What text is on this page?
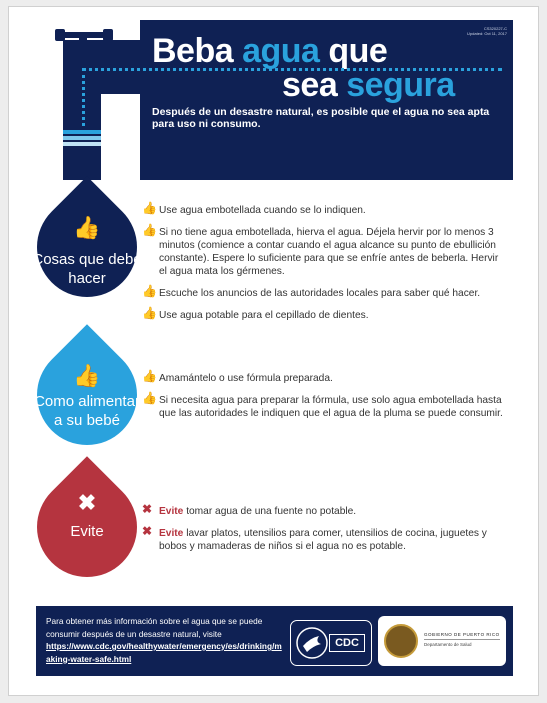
CS320227-C
Updated: Oct 11, 2017
Beba agua que
sea segura
Después de un desastre natural, es posible que el agua no sea apta para uso ni consumo.
👍
Cosas que debe hacer
👍 Use agua embotellada cuando se lo indiquen.
👍 Si no tiene agua embotellada, hierva el agua. Déjela hervir por lo menos 3 minutos (comience a contar cuando el agua alcance su punto de ebullición constante). Espere lo suficiente para que se enfríe antes de beberla. Hervir el agua mata los gérmenes.
👍 Escuche los anuncios de las autoridades locales para saber qué hacer.
👍 Use agua potable para el cepillado de dientes.
👍
Como alimentar a su bebé
👍 Amamántelo o use fórmula preparada.
👍 Si necesita agua para preparar la fórmula, use solo agua embotellada hasta que las autoridades le indiquen que el agua de la pluma se puede consumir.
✖
Evite
✖ Evite tomar agua de una fuente no potable.
✖ Evite lavar platos, utensilios para comer, utensilios de cocina, juguetes y bobos y mamaderas de niños si el agua no es potable.
Para obtener más información sobre el agua que se puede consumir después de un desastre natural, visite
https://www.cdc.gov/healthywater/emergency/es/drinking/making-water-safe.html
CDC
GOBIERNO DE PUERTO RICO
Departamento de Salud
